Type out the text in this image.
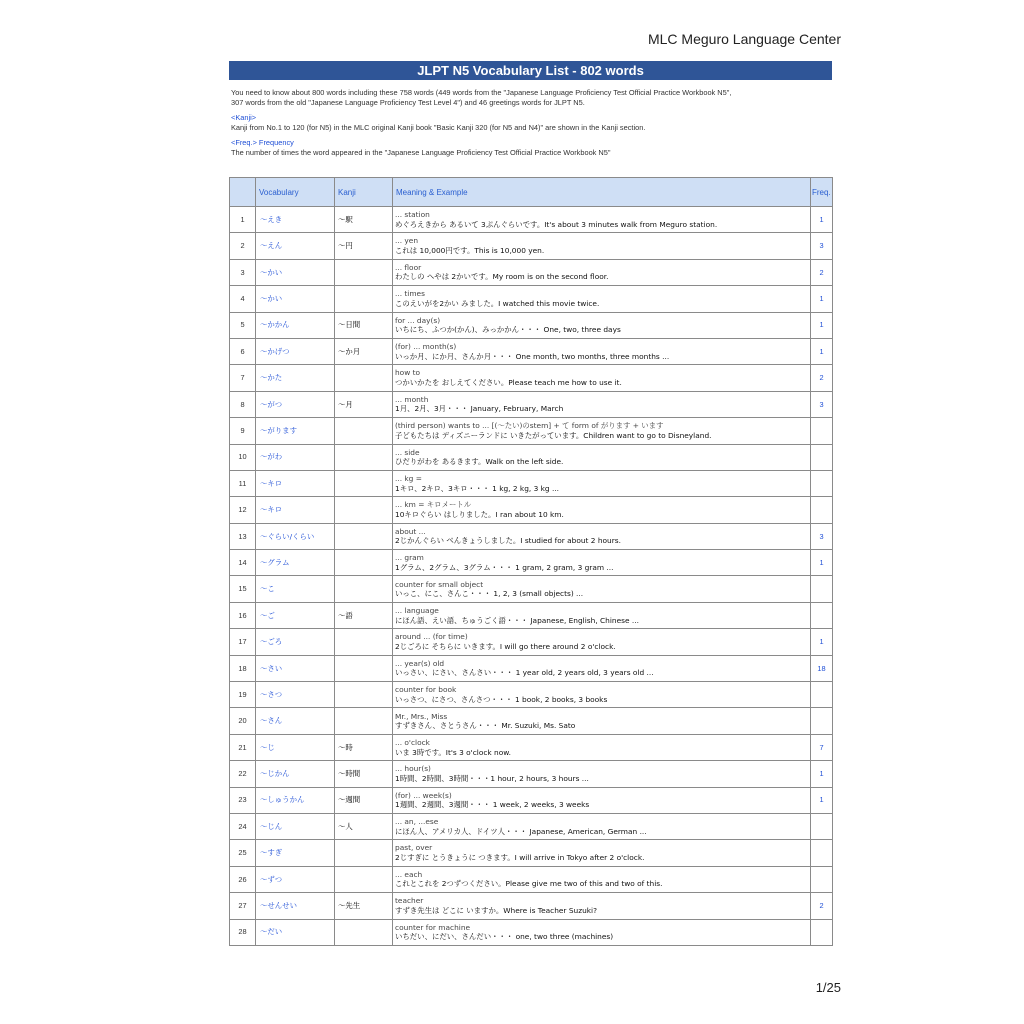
MLC Meguro Language Center
JLPT N5 Vocabulary List - 802 words

You need to know about 800 words including these 758 words (449 words from the "Japanese Language Proficiency Test Official Practice Workbook N5",
307 words from the old "Japanese Language Proficiency Test Level 4") and 46 greetings words for JLPT N5.

<Kanji>
Kanji from No.1 to 120 (for N5) in the MLC original Kanji book "Basic Kanji 320 (for N5 and N4)" are shown in the Kanji section.

<Freq.> Frequency
The number of times the word appeared in the "Japanese Language Proficiency Test Official Practice Workbook N5"

	Vocabulary	Kanji	Meaning & Example	Freq.
1	～えき	～駅	... station
めぐろえきから あるいて 3ぷんぐらいです。It's about 3 minutes walk from Meguro station.	1
2	～えん	～円	... yen
これは 10,000円です。This is 10,000 yen.	3
3	～かい		... floor
わたしの へやは 2かいです。My room is on the second floor.	2
4	～かい		... times
このえいがを2かい みました。I watched this movie twice.	1
5	～かかん	～日間	for ... day(s)
いちにち、ふつか(かん)、みっかかん・・・ One, two, three days	1
6	～かげつ	～か月	(for) ... month(s)
いっか月、にか月、さんか月・・・ One month, two months, three months ...	1
7	～かた		how to
つかいかたを おしえてください。Please teach me how to use it.	2
8	～がつ	～月	... month
1月、2月、3月・・・ January, February, March	3
9	～がります		(third person) wants to ... [(～たい)のstem] + て form of がります + います
子どもたちは ディズニーランドに いきたがっています。Children want to go to Disneyland.	

10	～がわ		... side
ひだりがわを あるきます。Walk on the left side.	

11	～キロ		... kg =
1キロ、2キロ、3キロ・・・ 1 kg, 2 kg, 3 kg ...	

12	～キロ		... km = キロメートル
10キロぐらい はしりました。I ran about 10 km.	

13	～ぐらい/くらい		about ...
2じかんぐらい べんきょうしました。I studied for about 2 hours.	3
14	～グラム		... gram
1グラム、2グラム、3グラム・・・ 1 gram, 2 gram, 3 gram ...	1
15	～こ		counter for small object
いっこ、にこ、さんこ・・・ 1, 2, 3 (small objects) ...	

16	～ご	～語	... language
にほん語、えい語、ちゅうごく語・・・ Japanese, English, Chinese ...	

17	～ごろ		around ... (for time)
2じごろに そちらに いきます。I will go there around 2 o'clock.	1
18	～さい		... year(s) old
いっさい、にさい、さんさい・・・ 1 year old, 2 years old, 3 years old ...	18
19	～さつ		counter for book
いっさつ、にさつ、さんさつ・・・ 1 book, 2 books, 3 books	

20	～さん		Mr., Mrs., Miss
すずきさん、さとうさん・・・ Mr. Suzuki, Ms. Sato	

21	～じ	～時	... o'clock
いま 3時です。It's 3 o'clock now.	7
22	～じかん	～時間	... hour(s)
1時間、2時間、3時間・・・1 hour, 2 hours, 3 hours ...	1
23	～しゅうかん	～週間	(for) ... week(s)
1週間、2週間、3週間・・・ 1 week, 2 weeks, 3 weeks	1
24	～じん	～人	... an, ...ese
にほん人、アメリカ人、ドイツ人・・・ Japanese, American, German ...	

25	～すぎ		past, over
2じすぎに とうきょうに つきます。I will arrive in Tokyo after 2 o'clock.	

26	～ずつ		... each
これとこれを 2つずつください。Please give me two of this and two of this.	

27	～せんせい	～先生	teacher
すずき先生は どこに いますか。Where is Teacher Suzuki?	2
28	～だい		counter for machine
いちだい、にだい、さんだい・・・ one, two three (machines)	

1/25
